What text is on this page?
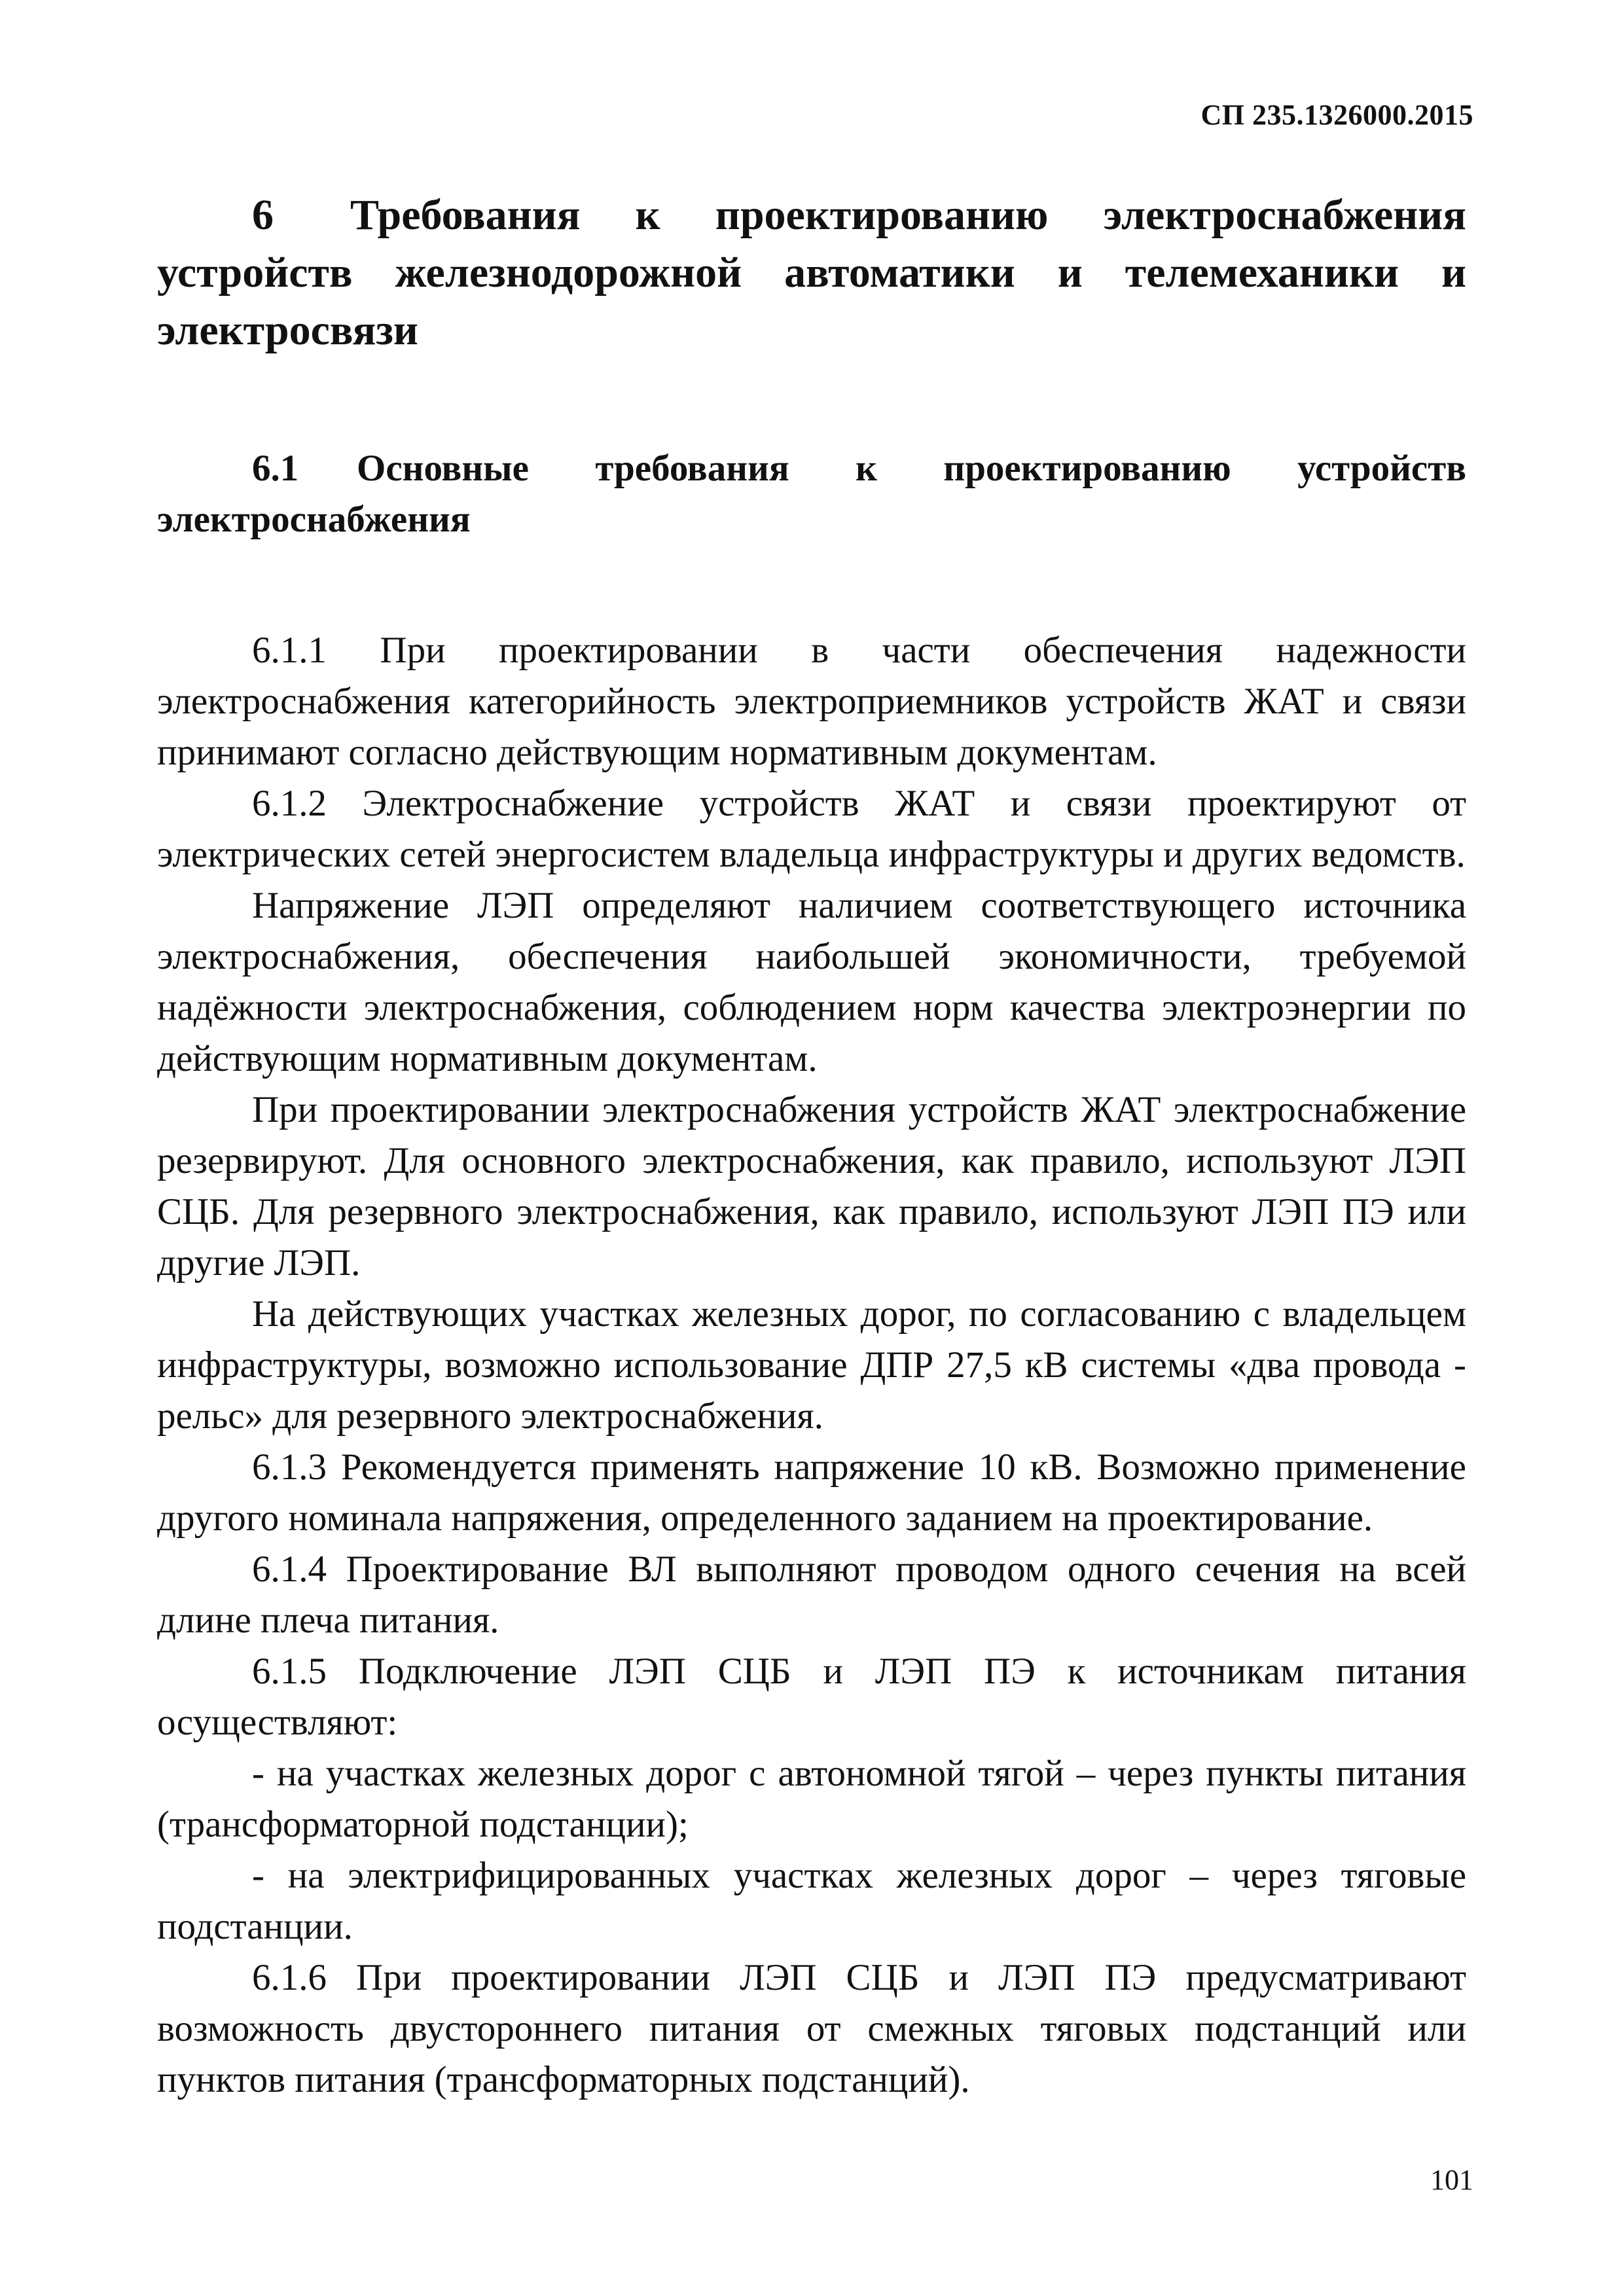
СП 235.1326000.2015

6 Требования к проектированию электроснабжения устройств железнодорожной автоматики и телемеханики и электросвязи

6.1 Основные требования к проектированию устройств электроснабжения

6.1.1 При проектировании в части обеспечения надежности электроснабжения категорийность электроприемников устройств ЖАТ и связи принимают согласно действующим нормативным документам.

6.1.2 Электроснабжение устройств ЖАТ и связи проектируют от электрических сетей энергосистем владельца инфраструктуры и других ведомств.

Напряжение ЛЭП определяют наличием соответствующего источника электроснабжения, обеспечения наибольшей экономичности, требуемой надёжности электроснабжения, соблюдением норм качества электроэнергии по действующим нормативным документам.

При проектировании электроснабжения устройств ЖАТ электроснабжение резервируют. Для основного электроснабжения, как правило, используют ЛЭП СЦБ. Для резервного электроснабжения, как правило, используют ЛЭП ПЭ или другие ЛЭП.

На действующих участках железных дорог, по согласованию с владельцем инфраструктуры, возможно использование ДПР 27,5 кВ системы «два провода - рельс» для резервного электроснабжения.

6.1.3 Рекомендуется применять напряжение 10 кВ. Возможно применение другого номинала напряжения, определенного заданием на проектирование.

6.1.4 Проектирование ВЛ выполняют проводом одного сечения на всей длине плеча питания.

6.1.5 Подключение ЛЭП СЦБ и ЛЭП ПЭ к источникам питания осуществляют:

- на участках железных дорог с автономной тягой – через пункты питания (трансформаторной подстанции);

- на электрифицированных участках железных дорог – через тяговые подстанции.

6.1.6 При проектировании ЛЭП СЦБ и ЛЭП ПЭ предусматривают возможность двустороннего питания от смежных тяговых подстанций или пунктов питания (трансформаторных подстанций).

101
